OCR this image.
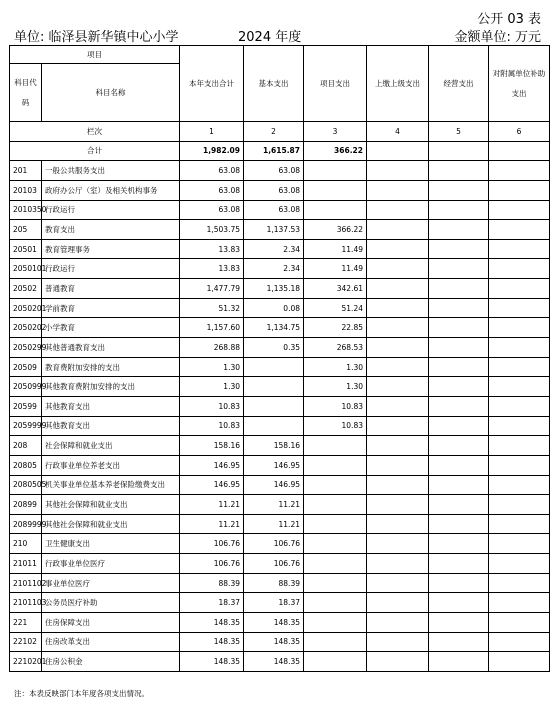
公开 03 表
单位: 临泽县新华镇中心小学	2024 年度	金额单位: 万元
项目		本年支出合计	基本支出	项目支出	上缴上级支出	经营支出	对附属单位补助支出
科目代码	科目名称						
栏次		1	2	3	4	5	6
合计		1,982.09	1,615.87	366.22			
201	一般公共服务支出	63.08	63.08				
20103	政府办公厅（室）及相关机构事务	63.08	63.08				
2010350	行政运行	63.08	63.08				
205	教育支出	1,503.75	1,137.53	366.22			
20501	教育管理事务	13.83	2.34	11.49			
2050101	行政运行	13.83	2.34	11.49			
20502	普通教育	1,477.79	1,135.18	342.61			
2050201	学前教育	51.32	0.08	51.24			
2050202	小学教育	1,157.60	1,134.75	22.85			
2050299	其他普通教育支出	268.88	0.35	268.53			
20509	教育费附加安排的支出	1.30		1.30			
2050999	其他教育费附加安排的支出	1.30		1.30			
20599	其他教育支出	10.83		10.83			
2059999	其他教育支出	10.83		10.83			
208	社会保障和就业支出	158.16	158.16				
20805	行政事业单位养老支出	146.95	146.95				
2080505	机关事业单位基本养老保险缴费支出	146.95	146.95				
20899	其他社会保障和就业支出	11.21	11.21				
2089999	其他社会保障和就业支出	11.21	11.21				
210	卫生健康支出	106.76	106.76				
21011	行政事业单位医疗	106.76	106.76				
2101102	事业单位医疗	88.39	88.39				
2101103	公务员医疗补助	18.37	18.37				
221	住房保障支出	148.35	148.35				
22102	住房改革支出	148.35	148.35				
2210201	住房公积金	148.35	148.35				
注：本表反映部门本年度各项支出情况。
